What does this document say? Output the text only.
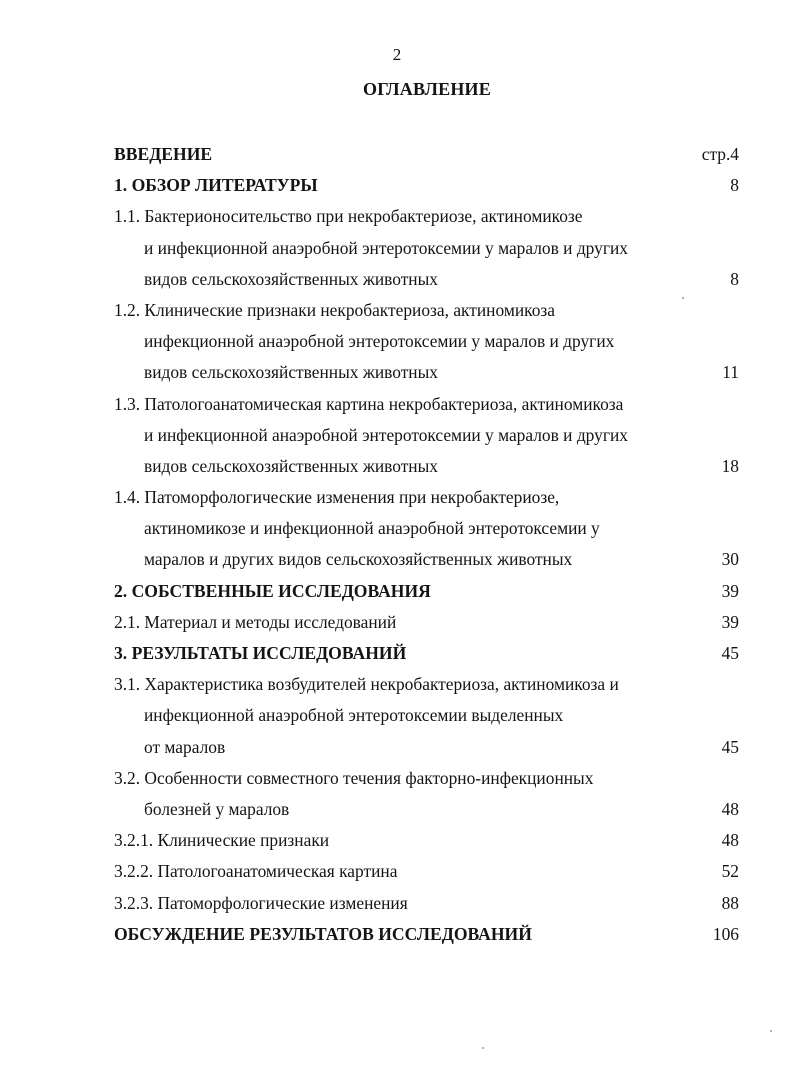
2
ОГЛАВЛЕНИЕ
ВВЕДЕНИЕ	стр.4
1. ОБЗОР ЛИТЕРАТУРЫ	8
1.1. Бактерионосительство при некробактериозе, актиномикозе
и инфекционной анаэробной энтеротоксемии у маралов и других
видов сельскохозяйственных животных	8
1.2. Клинические признаки некробактериоза, актиномикоза
инфекционной анаэробной энтеротоксемии у маралов и других
видов сельскохозяйственных животных	11
1.3. Патологоанатомическая картина некробактериоза, актиномикоза
и инфекционной анаэробной энтеротоксемии у маралов и других
видов сельскохозяйственных животных	18
1.4. Патоморфологические изменения при некробактериозе,
актиномикозе и инфекционной анаэробной энтеротоксемии у
маралов и других видов сельскохозяйственных животных	30
2. СОБСТВЕННЫЕ ИССЛЕДОВАНИЯ	39
2.1. Материал и методы исследований	39
3. РЕЗУЛЬТАТЫ ИССЛЕДОВАНИЙ	45
3.1. Характеристика возбудителей некробактериоза, актиномикоза и
инфекционной анаэробной энтеротоксемии выделенных
от маралов	45
3.2. Особенности совместного течения факторно-инфекционных
болезней у маралов	48
3.2.1. Клинические признаки	48
3.2.2. Патологоанатомическая картина	52
3.2.3. Патоморфологические изменения	88
ОБСУЖДЕНИЕ РЕЗУЛЬТАТОВ ИССЛЕДОВАНИЙ	106
